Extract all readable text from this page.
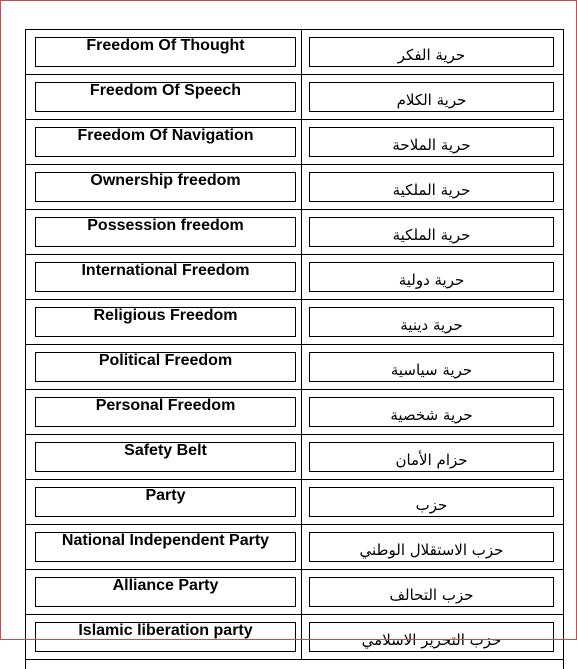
Freedom Of Thought
حرية الفكر
Freedom Of Speech
حرية الكلام
Freedom Of Navigation
حرية الملاحة
Ownership freedom
حرية الملكية
Possession freedom
حرية الملكية
International Freedom
حرية دولية
Religious Freedom
حرية دينية
Political Freedom
حرية سياسية
Personal Freedom
حرية شخصية
Safety Belt
حزام الأمان
Party
حزب
National Independent Party
حزب الاستقلال الوطني
Alliance Party
حزب التحالف
Islamic liberation party
حزب التحرير الاسلامي
